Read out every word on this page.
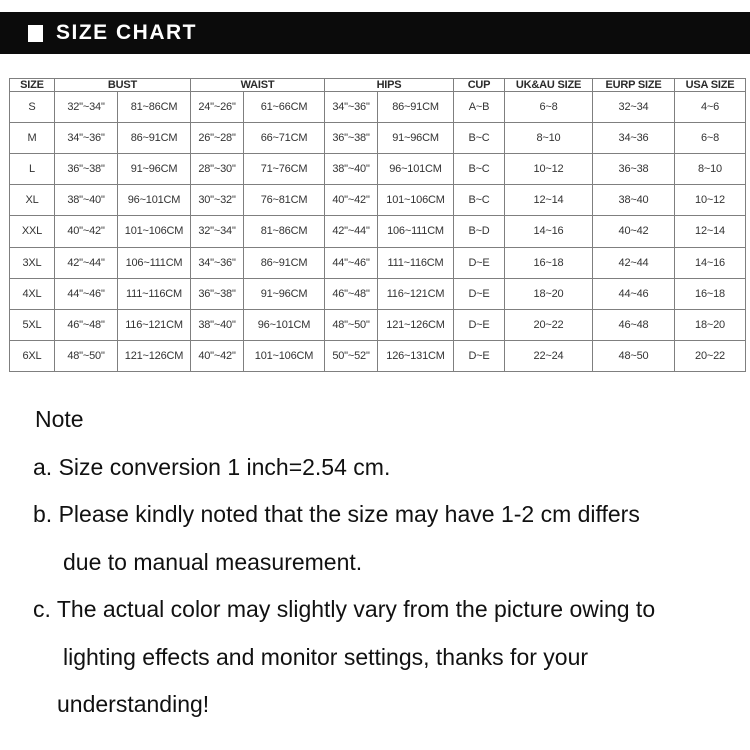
SIZE CHART
SIZE	BUST		WAIST		HIPS		CUP	UK&AU SIZE	EURP SIZE	USA SIZE
S	32"~34"	81~86CM	24"~26"	61~66CM	34"~36"	86~91CM	A~B	6~8	32~34	4~6
M	34"~36"	86~91CM	26"~28"	66~71CM	36"~38"	91~96CM	B~C	8~10	34~36	6~8
L	36"~38"	91~96CM	28"~30"	71~76CM	38"~40"	96~101CM	B~C	10~12	36~38	8~10
XL	38"~40"	96~101CM	30"~32"	76~81CM	40"~42"	101~106CM	B~C	12~14	38~40	10~12
XXL	40"~42"	101~106CM	32"~34"	81~86CM	42"~44"	106~111CM	B~D	14~16	40~42	12~14
3XL	42"~44"	106~111CM	34"~36"	86~91CM	44"~46"	111~116CM	D~E	16~18	42~44	14~16
4XL	44"~46"	111~116CM	36"~38"	91~96CM	46"~48"	116~121CM	D~E	18~20	44~46	16~18
5XL	46"~48"	116~121CM	38"~40"	96~101CM	48"~50"	121~126CM	D~E	20~22	46~48	18~20
6XL	48"~50"	121~126CM	40"~42"	101~106CM	50"~52"	126~131CM	D~E	22~24	48~50	20~22
Note
a. Size conversion 1 inch=2.54 cm.
b. Please kindly noted that the size may have 1-2 cm differs
due to manual measurement.
c. The actual color may slightly vary from the picture owing to
lighting effects and monitor settings, thanks for your
understanding!
